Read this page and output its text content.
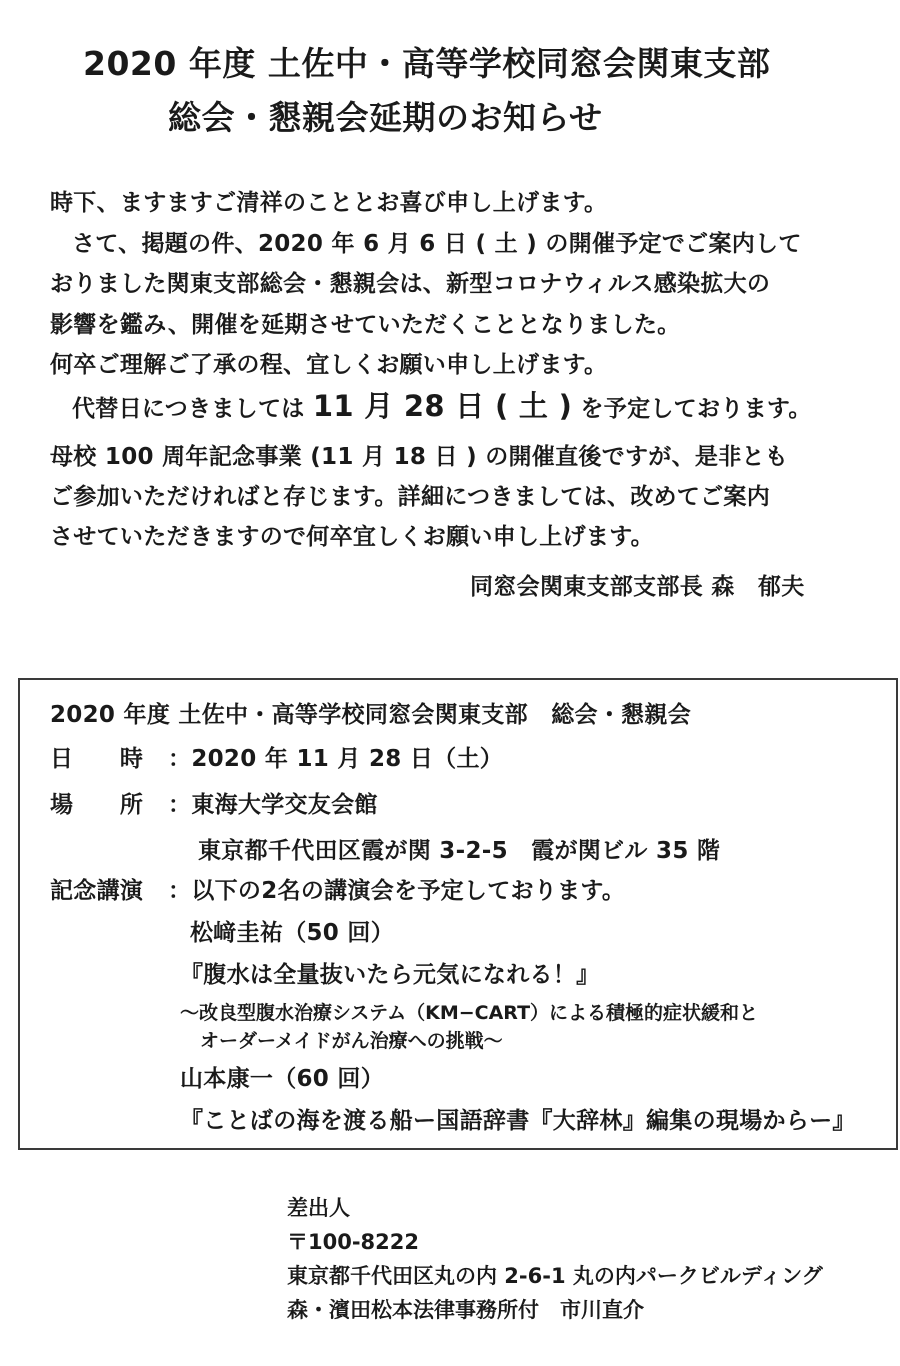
2020 年度 土佐中・高等学校同窓会関東支部
総会・懇親会延期のお知らせ
時下、ますますご清祥のこととお喜び申し上げます。
さて、掲題の件、2020 年 6 月 6 日 ( 土 ) の開催予定でご案内して
おりました関東支部総会・懇親会は、新型コロナウィルス感染拡大の
影響を鑑み、開催を延期させていただくこととなりました。
何卒ご理解ご了承の程、宜しくお願い申し上げます。
代替日につきましては 11 月 28 日 ( 土 ) を予定しております。
母校 100 周年記念事業 (11 月 18 日 ) の開催直後ですが、是非とも
ご参加いただければと存じます。詳細につきましては、改めてご案内
させていただきますので何卒宜しくお願い申し上げます。
同窓会関東支部支部長 森　郁夫
2020 年度 土佐中・高等学校同窓会関東支部　総会・懇親会
日　　時 ：2020 年 11 月 28 日（土）
場　　所 ：東海大学交友会館
東京都千代田区霞が関 3-2-5　霞が関ビル 35 階
記念講演 ：以下の2名の講演会を予定しております。
松﨑圭祐（50 回）
『腹水は全量抜いたら元気になれる！』
～改良型腹水治療システム（KM−CART）による積極的症状緩和と
オーダーメイドがん治療への挑戦～
山本康一（60 回）
『ことばの海を渡る船ー国語辞書『大辞林』編集の現場からー』
差出人
〒100-8222
東京都千代田区丸の内 2-6-1 丸の内パークビルディング
森・濱田松本法律事務所付　市川直介
